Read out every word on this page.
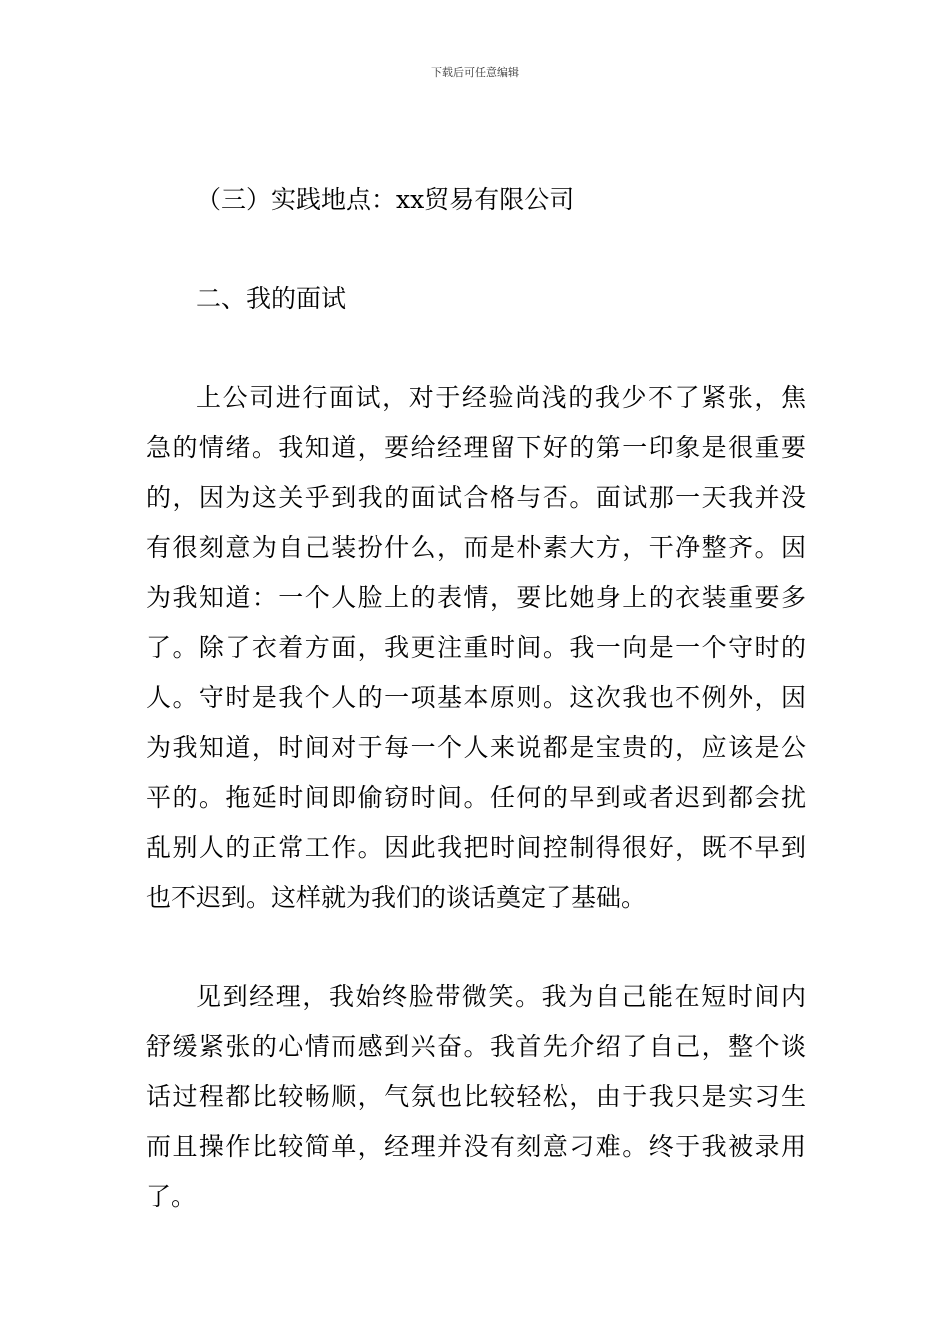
下载后可任意编辑
（三）实践地点：xx贸易有限公司
二、我的面试
上公司进行面试，对于经验尚浅的我少不了紧张，焦
急的情绪。我知道，要给经理留下好的第一印象是很重要
的，因为这关乎到我的面试合格与否。面试那一天我并没
有很刻意为自己装扮什么，而是朴素大方，干净整齐。因
为我知道：一个人脸上的表情，要比她身上的衣装重要多
了。除了衣着方面，我更注重时间。我一向是一个守时的
人。守时是我个人的一项基本原则。这次我也不例外，因
为我知道，时间对于每一个人来说都是宝贵的，应该是公
平的。拖延时间即偷窃时间。任何的早到或者迟到都会扰
乱别人的正常工作。因此我把时间控制得很好，既不早到
也不迟到。这样就为我们的谈话奠定了基础。
见到经理，我始终脸带微笑。我为自己能在短时间内
舒缓紧张的心情而感到兴奋。我首先介绍了自己，整个谈
话过程都比较畅顺，气氛也比较轻松，由于我只是实习生
而且操作比较简单，经理并没有刻意刁难。终于我被录用
了。
